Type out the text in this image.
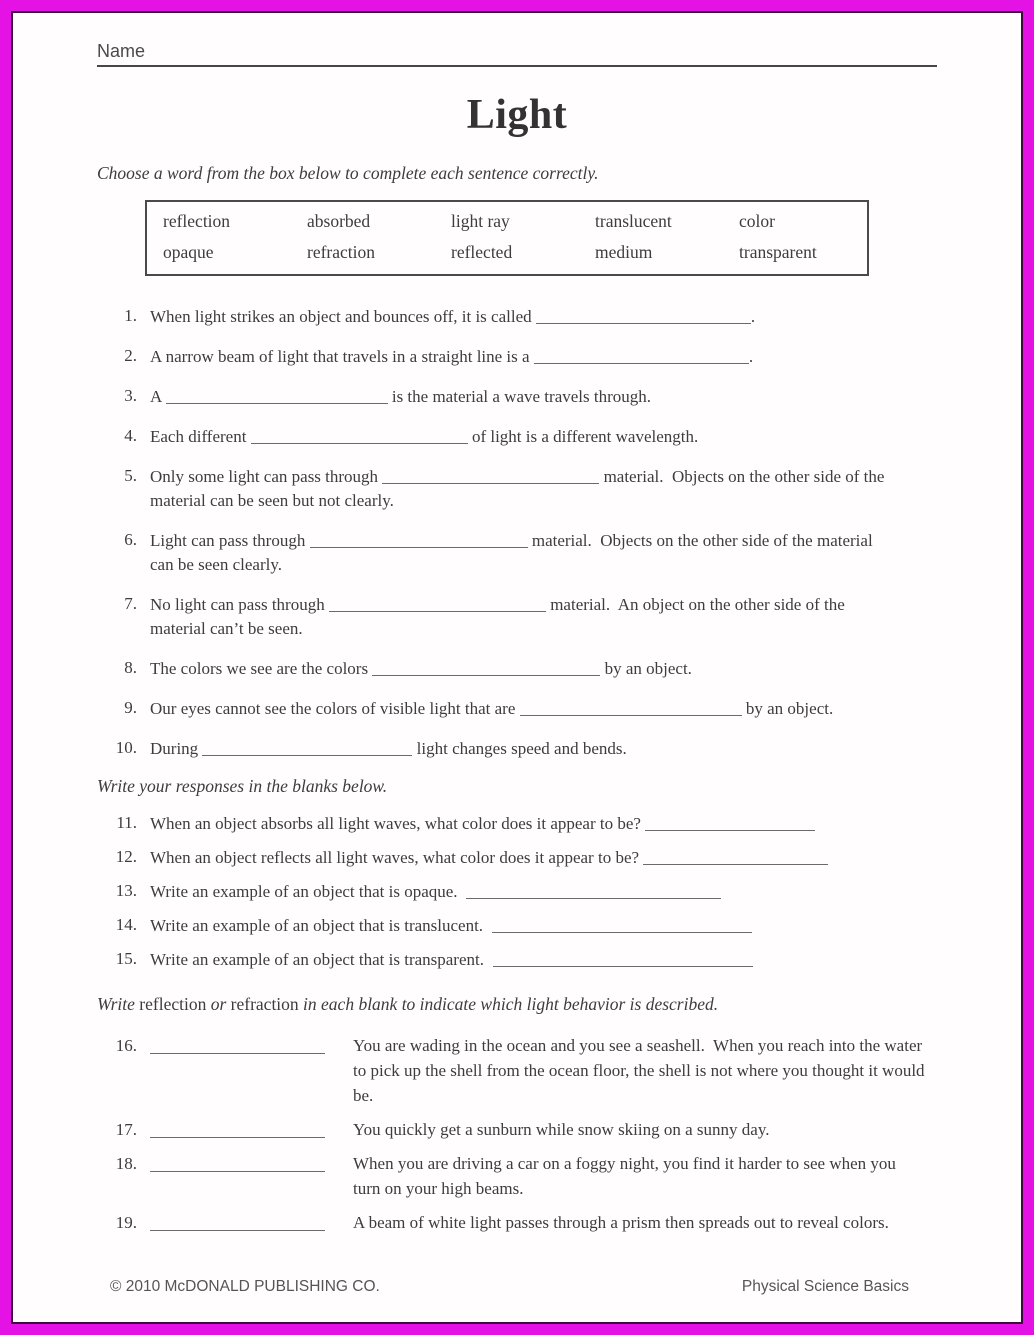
Name
Light

Choose a word from the box below to complete each sentence correctly.

reflection	absorbed	light ray	translucent	color
opaque	refraction	reflected	medium	transparent
1. When light strikes an object and bounces off, it is called	.
2. A narrow beam of light that travels in a straight line is a	.
3. A	is the material a wave travels through.
4. Each different	of light is a different wavelength.
5. Only some light can pass through	material.  Objects on the other side of the material can be seen but not clearly.
6. Light can pass through	material.  Objects on the other side of the material can be seen clearly.
7. No light can pass through	material.  An object on the other side of the material can’t be seen.
8. The colors we see are the colors	by an object.
9. Our eyes cannot see the colors of visible light that are	by an object.
10. During	light changes speed and bends.

Write your responses in the blanks below.

11. When an object absorbs all light waves, what color does it appear to be?
12. When an object reflects all light waves, what color does it appear to be?
13. Write an example of an object that is opaque.
14. Write an example of an object that is translucent.
15. Write an example of an object that is transparent.

Write reflection or refraction in each blank to indicate which light behavior is described.

16.	You are wading in the ocean and you see a seashell.  When you reach into the water to pick up the shell from the ocean floor, the shell is not where you thought it would be.
17.	You quickly get a sunburn while snow skiing on a sunny day.
18.	When you are driving a car on a foggy night, you find it harder to see when you turn on your high beams.
19.	A beam of white light passes through a prism then spreads out to reveal colors.
© 2010 McDONALD PUBLISHING CO.	Physical Science Basics
